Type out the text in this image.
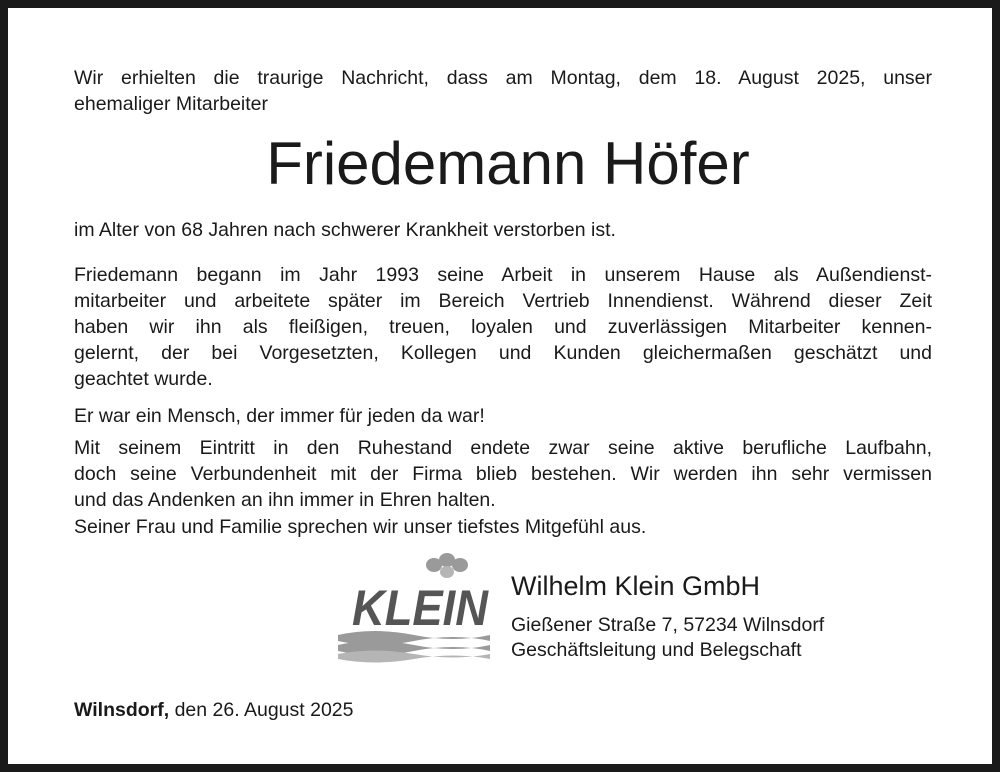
Wir erhielten die traurige Nachricht, dass am Montag, dem 18. August 2025, unser

ehemaliger Mitarbeiter

Friedemann Höfer

im Alter von 68 Jahren nach schwerer Krankheit verstorben ist.

Friedemann begann im Jahr 1993 seine Arbeit in unserem Hause als Außendienst-

mitarbeiter und arbeitete später im Bereich Vertrieb Innendienst. Während dieser Zeit

haben wir ihn als fleißigen, treuen, loyalen und zuverlässigen Mitarbeiter kennen-

gelernt, der bei Vorgesetzten, Kollegen und Kunden gleichermaßen geschätzt und

geachtet wurde.

Er war ein Mensch, der immer für jeden da war!

Mit seinem Eintritt in den Ruhestand endete zwar seine aktive berufliche Laufbahn,

doch seine Verbundenheit mit der Firma blieb bestehen. Wir werden ihn sehr vermissen

und das Andenken an ihn immer in Ehren halten.

Seiner Frau und Familie sprechen wir unser tiefstes Mitgefühl aus.

KLEIN Wilhelm Klein GmbH
Gießener Straße 7, 57234 Wilnsdorf
Geschäftsleitung und Belegschaft

Wilnsdorf, den 26. August 2025
